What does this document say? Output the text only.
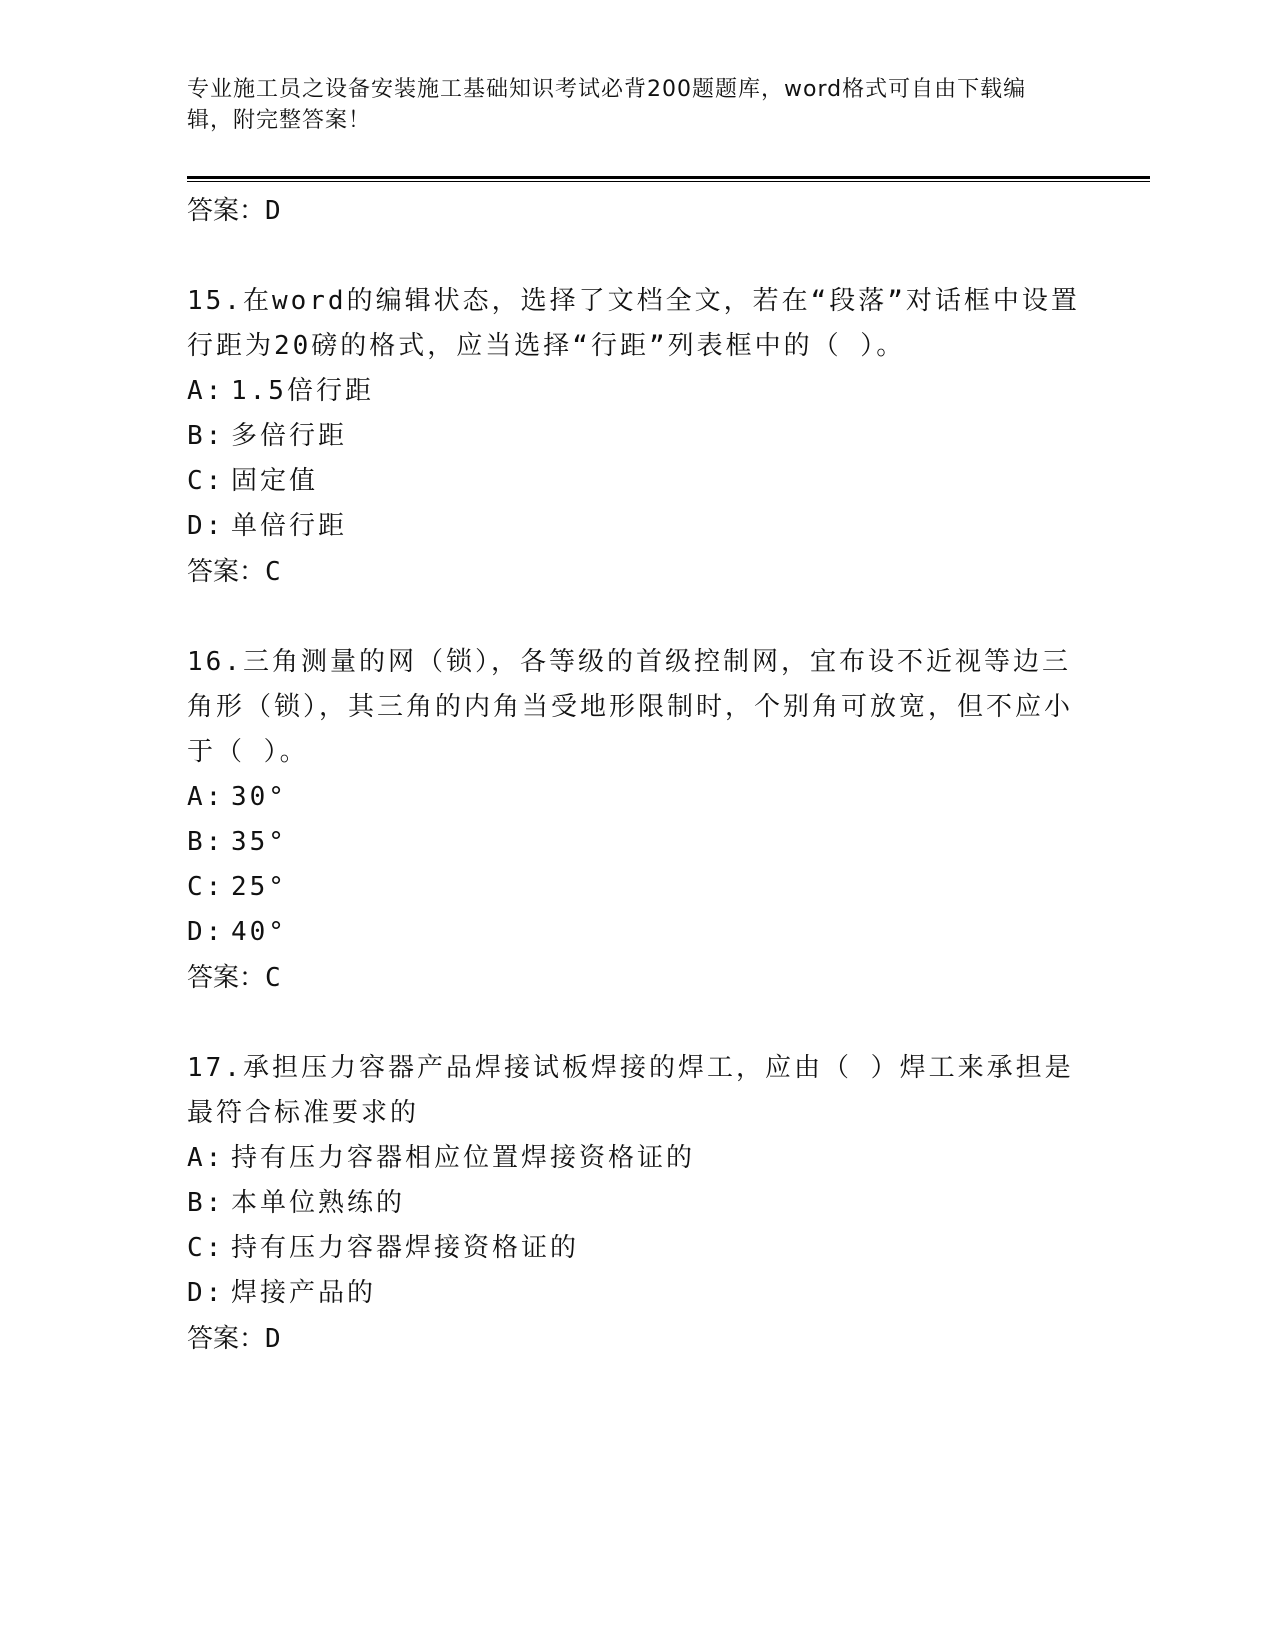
专业施工员之设备安装施工基础知识考试必背200题题库，word格式可自由下载编辑，附完整答案！

答案：D

15.在word的编辑状态，选择了文档全文，若在“段落”对话框中设置行距为20磅的格式，应当选择“行距”列表框中的（ ）。

A: 1.5倍行距
B: 多倍行距
C: 固定值
D: 单倍行距

答案：C

16.三角测量的网（锁），各等级的首级控制网，宜布设不近视等边三角形（锁），其三角的内角当受地形限制时，个别角可放宽，但不应小于（ ）。

A: 30°
B: 35°
C: 25°
D: 40°

答案：C

17.承担压力容器产品焊接试板焊接的焊工，应由（ ）焊工来承担是最符合标准要求的

A: 持有压力容器相应位置焊接资格证的
B: 本单位熟练的
C: 持有压力容器焊接资格证的
D: 焊接产品的

答案：D
